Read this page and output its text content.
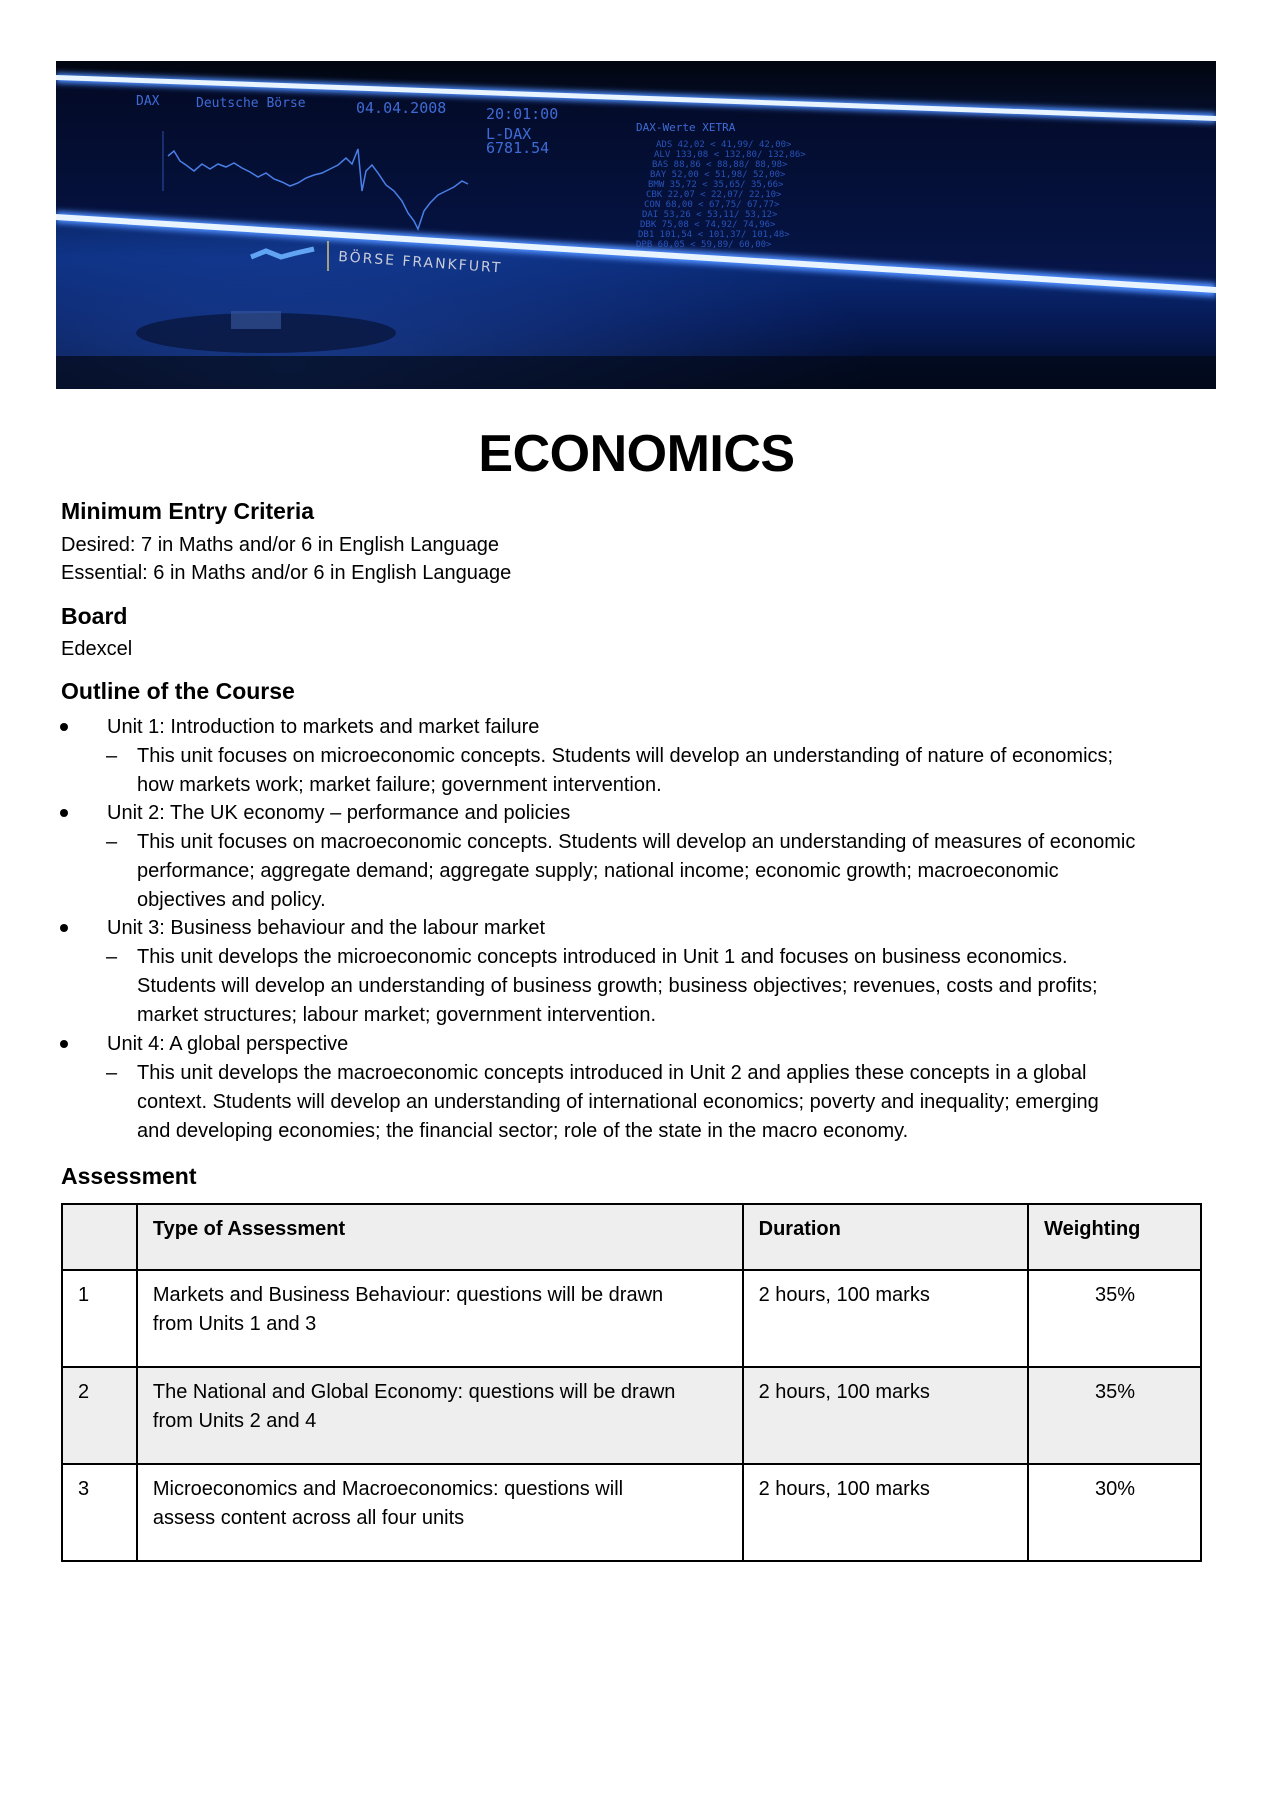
DAX	Deutsche Börse	04.04.2008	20:01:00
DAX-Werte XETRA
L-DAX
6781.54	ADS 42,02 < 41,99/ 42,00>
ALV 133,08 < 132,80/ 132,86>
BAS 88,86 < 88,88/ 88,98>
BAY 52,00 < 51,98/ 52,00>
BMW 35,72 < 35,65/ 35,66>
CBK 22,07 < 22,07/ 22,10>
CON 68,00 < 67,75/ 67,77>
DAI 53,26 < 53,11/ 53,12>
DBK 75,08 < 74,92/ 74,96>
DB1 101,54 < 101,37/ 101,48>
DPB 60,05 < 59,89/ 60,00>
BÖRSE FRANKFURT
ECONOMICS
Minimum Entry Criteria
Desired: 7 in Maths and/or 6 in English Language
Essential: 6 in Maths and/or 6 in English Language
Board
Edexcel
Outline of the Course
Unit 1: Introduction to markets and market failure
– This unit focuses on microeconomic concepts. Students will develop an understanding of nature of economics;
how markets work; market failure; government intervention.
Unit 2: The UK economy – performance and policies
– This unit focuses on macroeconomic concepts. Students will develop an understanding of measures of economic
performance; aggregate demand; aggregate supply; national income; economic growth; macroeconomic
objectives and policy.
Unit 3: Business behaviour and the labour market
– This unit develops the microeconomic concepts introduced in Unit 1 and focuses on business economics.
Students will develop an understanding of business growth; business objectives; revenues, costs and profits;
market structures; labour market; government intervention.
Unit 4: A global perspective
– This unit develops the macroeconomic concepts introduced in Unit 2 and applies these concepts in a global
context. Students will develop an understanding of international economics; poverty and inequality; emerging
and developing economies; the financial sector; role of the state in the macro economy.
Assessment
	Type of Assessment	Duration	Weighting
1	Markets and Business Behaviour: questions will be drawn
from Units 1 and 3	2 hours, 100 marks	35%
2	The National and Global Economy: questions will be drawn
from Units 2 and 4	2 hours, 100 marks	35%
3	Microeconomics and Macroeconomics: questions will
assess content across all four units	2 hours, 100 marks	30%
